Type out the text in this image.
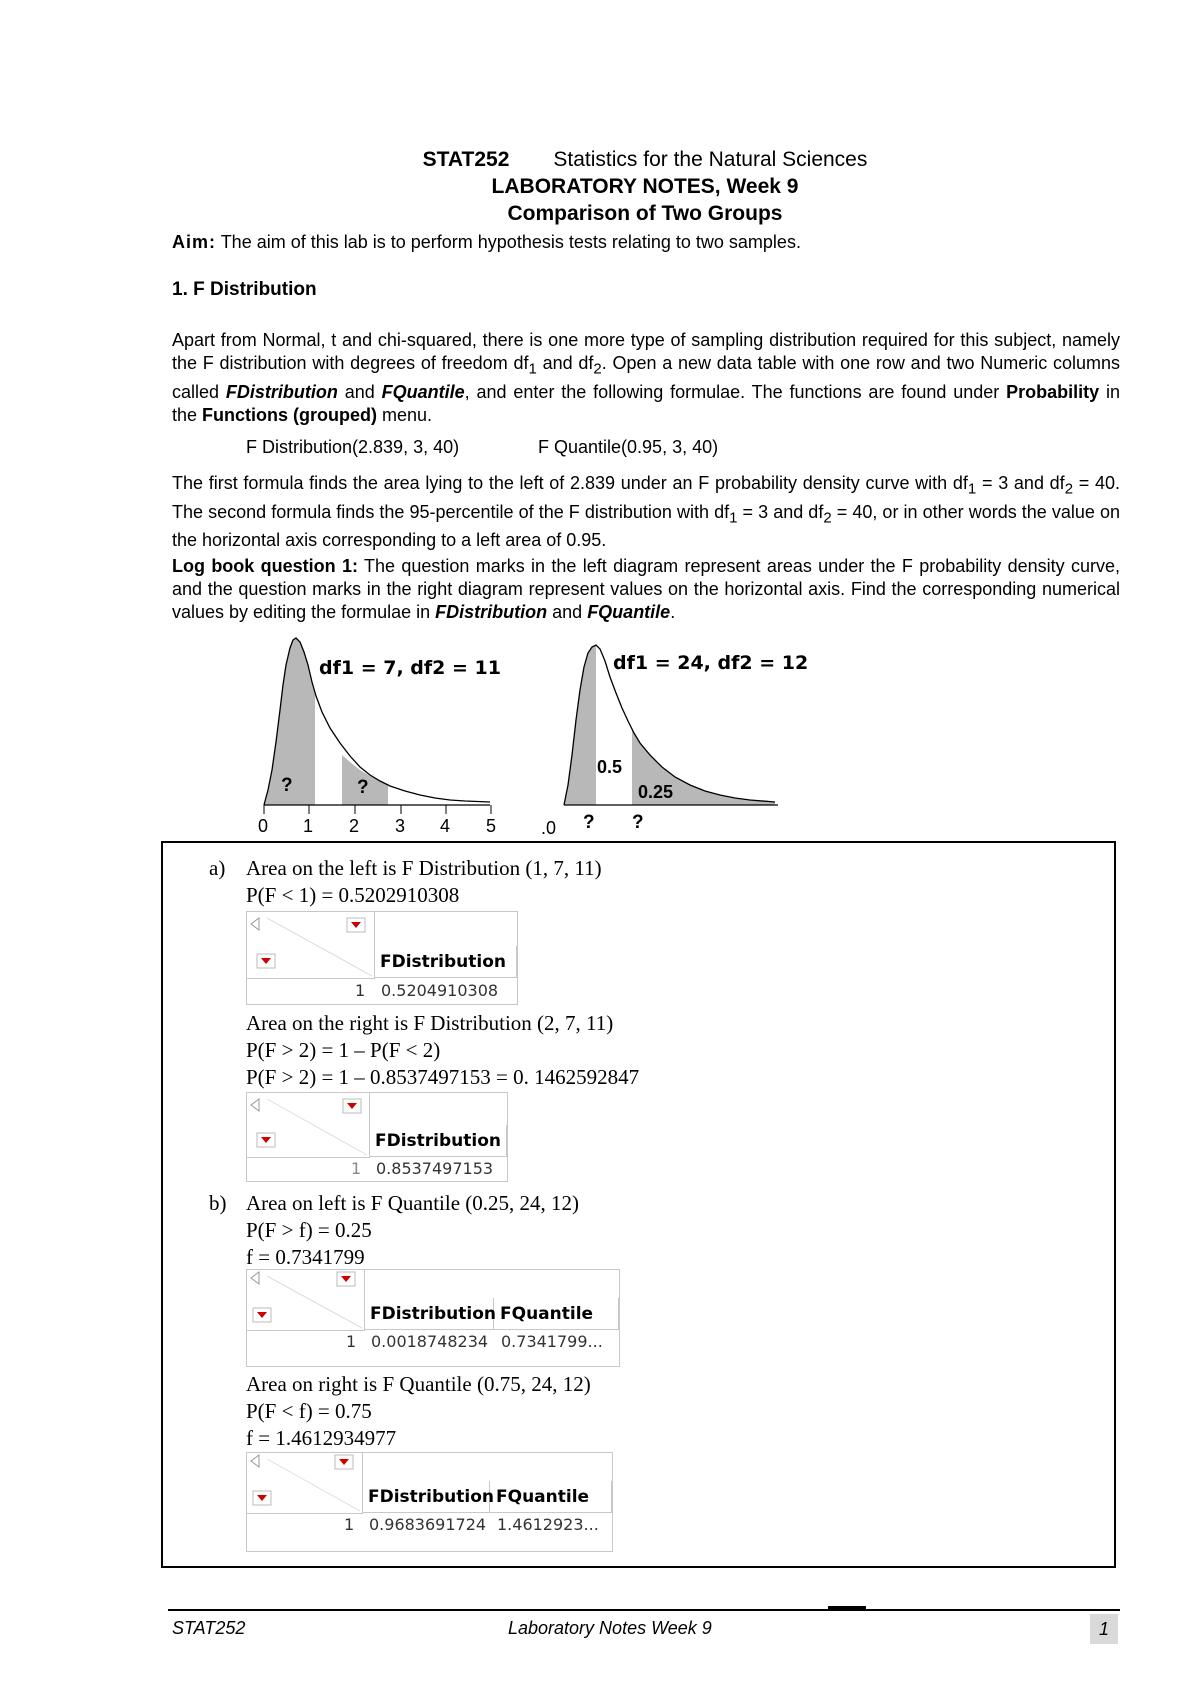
STAT252 Statistics for the Natural Sciences
LABORATORY NOTES, Week 9
Comparison of Two Groups
Aim: The aim of this lab is to perform hypothesis tests relating to two samples.
1. F Distribution
Apart from Normal, t and chi-squared, there is one more type of sampling distribution required for this subject, namely the F distribution with degrees of freedom $df_1$ and $df_2$. Open a new data table with one row and two Numeric columns called FDistribution and FQuantile, and enter the following formulae. The functions are found under Probability in the Functions (grouped) menu.
F Distribution(2.839, 3, 40)	F Quantile(0.95, 3, 40)
The first formula finds the area lying to the left of 2.839 under an F probability density curve with $df_1 = 3$ and $df_2 = 40$. The second formula finds the 95-percentile of the F distribution with $df_1 = 3$ and $df_2 = 40$, or in other words the value on the horizontal axis corresponding to a left area of 0.95.
Log book question 1: The question marks in the left diagram represent areas under the F probability density curve, and the question marks in the right diagram represent values on the horizontal axis. Find the corresponding numerical values by editing the formulae in FDistribution and FQuantile.
df1 = 7, df2 = 11
?	?
0 1 2 3 4 5
df1 = 24, df2 = 12
0.5
0.25
.0 ? ?
a) Area on the left is F Distribution (1, 7, 11)
P(F < 1) = 0.5202910308
FDistribution
1 0.5204910308
Area on the right is F Distribution (2, 7, 11)
P(F > 2) = 1 – P(F < 2)
P(F > 2) = 1 – 0.8537497153 = 0. 1462592847
FDistribution
1 0.8537497153
b) Area on left is F Quantile (0.25, 24, 12)
P(F > f) = 0.25
f = 0.7341799
FDistribution FQuantile
1 0.0018748234 0.7341799...
Area on right is F Quantile (0.75, 24, 12)
P(F < f) = 0.75
f = 1.4612934977
FDistribution FQuantile
1 0.9683691724 1.4612923...
STAT252	Laboratory Notes Week 9	1
